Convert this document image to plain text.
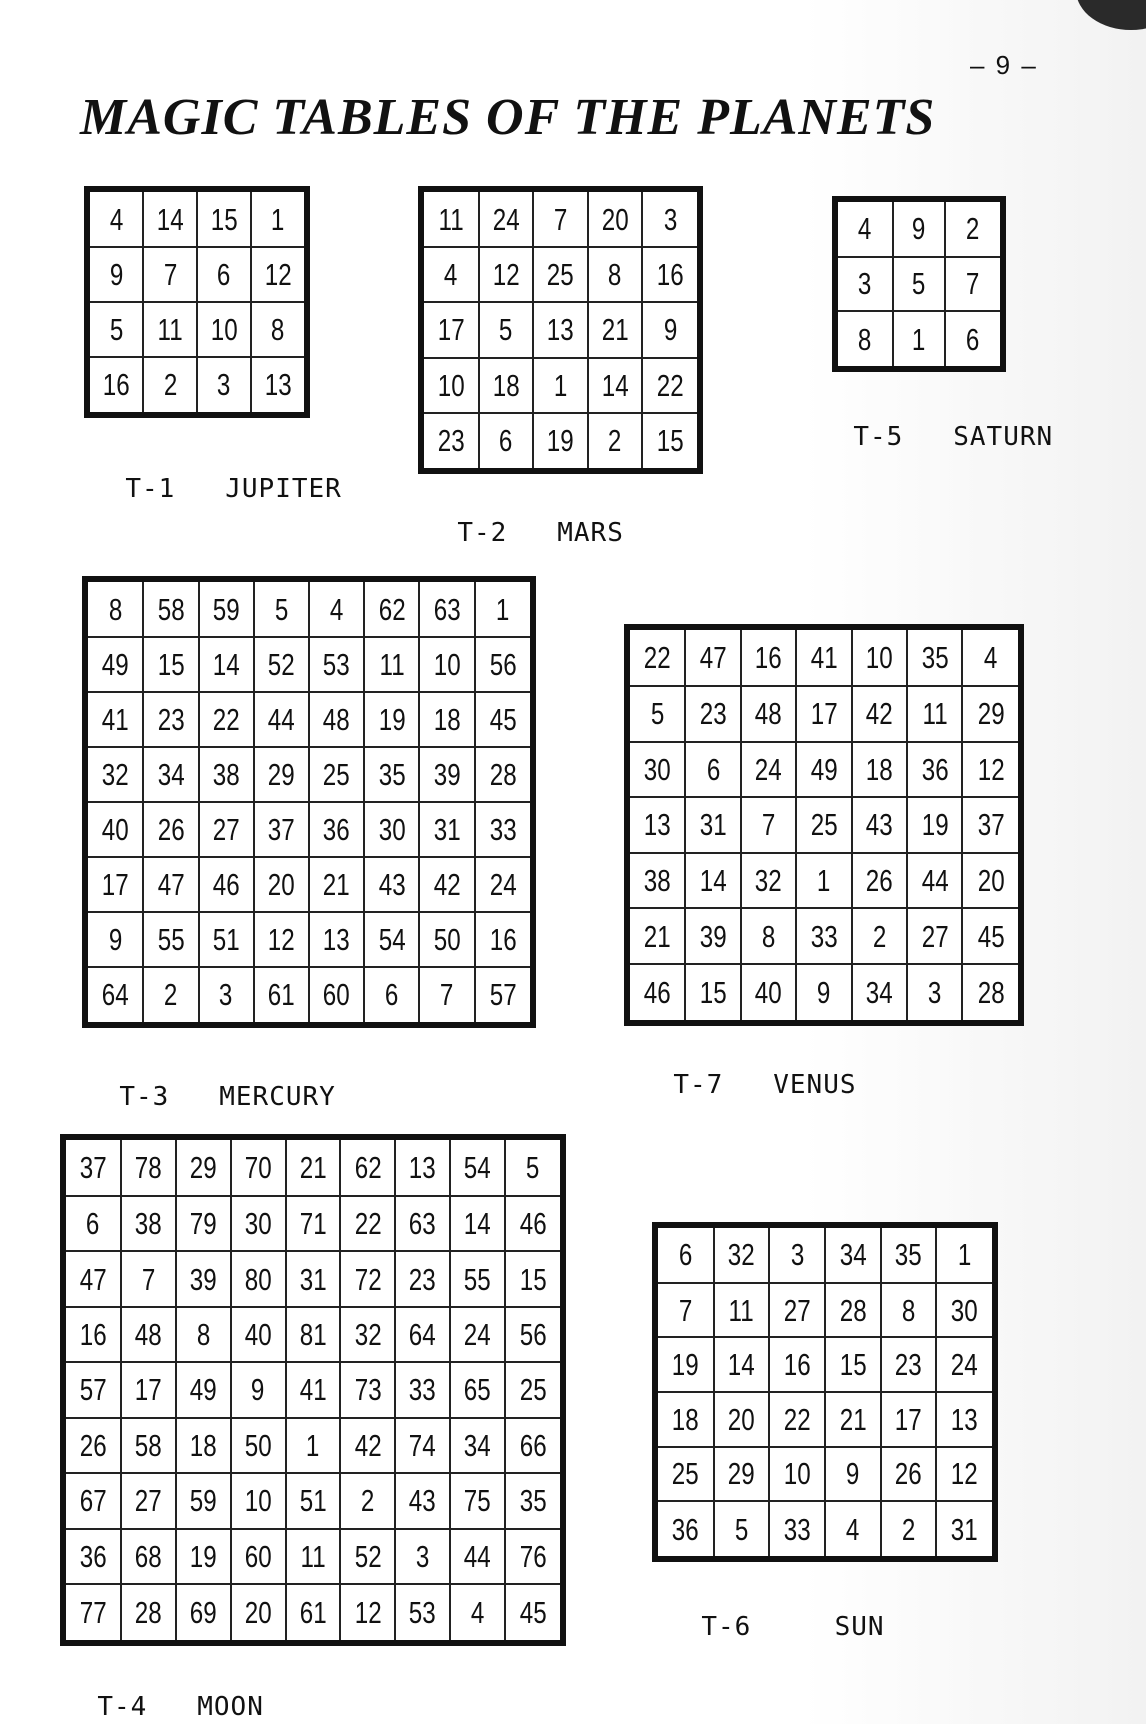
– 9 –
MAGIC TABLES OF THE PLANETS
4	14	15	1
9	7	6	12
5	11	10	8
16	2	3	13

T-1 JUPITER

11	24	7	20	3
4	12	25	8	16
17	5	13	21	9
10	18	1	14	22
23	6	19	2	15

T-2 MARS

4	9	2
3	5	7
8	1	6

T-5 SATURN

8	58	59	5	4	62	63	1
49	15	14	52	53	11	10	56
41	23	22	44	48	19	18	45
32	34	38	29	25	35	39	28
40	26	27	37	36	30	31	33
17	47	46	20	21	43	42	24
9	55	51	12	13	54	50	16
64	2	3	61	60	6	7	57

T-3 MERCURY

22	47	16	41	10	35	4
5	23	48	17	42	11	29
30	6	24	49	18	36	12
13	31	7	25	43	19	37
38	14	32	1	26	44	20
21	39	8	33	2	27	45
46	15	40	9	34	3	28

T-7 VENUS

37	78	29	70	21	62	13	54	5
6	38	79	30	71	22	63	14	46
47	7	39	80	31	72	23	55	15
16	48	8	40	81	32	64	24	56
57	17	49	9	41	73	33	65	25
26	58	18	50	1	42	74	34	66
67	27	59	10	51	2	43	75	35
36	68	19	60	11	52	3	44	76
77	28	69	20	61	12	53	4	45

T-4 MOON

6	32	3	34	35	1
7	11	27	28	8	30
19	14	16	15	23	24
18	20	22	21	17	13
25	29	10	9	26	12
36	5	33	4	2	31

T-6	SUN
